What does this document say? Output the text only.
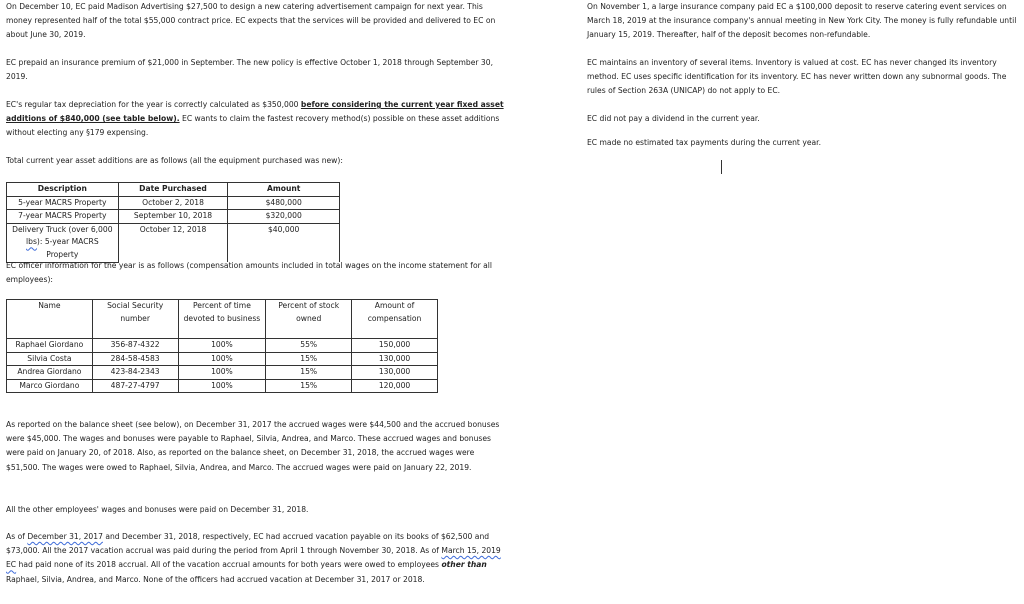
On December 10, EC paid Madison Advertising $27,500 to design a new catering advertisement campaign for next year. This money represented half of the total $55,000 contract price. EC expects that the services will be provided and delivered to EC on about June 30, 2019.

EC prepaid an insurance premium of $21,000 in September. The new policy is effective October 1, 2018 through September 30, 2019.

EC's regular tax depreciation for the year is correctly calculated as $350,000 before considering the current year fixed asset additions of $840,000 (see table below). EC wants to claim the fastest recovery method(s) possible on these asset additions without electing any §179 expensing.

Total current year asset additions are as follows (all the equipment purchased was new):

Description	Date Purchased	Amount
5-year MACRS Property	October 2, 2018	$480,000
7-year MACRS Property	September 10, 2018	$320,000
Delivery Truck (over 6,000 lbs): 5-year MACRS Property	October 12, 2018	$40,000

EC officer information for the year is as follows (compensation amounts included in total wages on the income statement for all employees):

Name	Social Security number	Percent of time devoted to business	Percent of stock owned	Amount of compensation
Raphael Giordano	356-87-4322	100%	55%	150,000
Silvia Costa	284-58-4583	100%	15%	130,000
Andrea Giordano	423-84-2343	100%	15%	130,000
Marco Giordano	487-27-4797	100%	15%	120,000

As reported on the balance sheet (see below), on December 31, 2017 the accrued wages were $44,500 and the accrued bonuses were $45,000. The wages and bonuses were payable to Raphael, Silvia, Andrea, and Marco. These accrued wages and bonuses were paid on January 20, of 2018. Also, as reported on the balance sheet, on December 31, 2018, the accrued wages were $51,500. The wages were owed to Raphael, Silvia, Andrea, and Marco. The accrued wages were paid on January 22, 2019.

All the other employees' wages and bonuses were paid on December 31, 2018.

As of December 31, 2017 and December 31, 2018, respectively, EC had accrued vacation payable on its books of $62,500 and $73,000. All the 2017 vacation accrual was paid during the period from April 1 through November 30, 2018. As of March 15, 2019 EC had paid none of its 2018 accrual. All of the vacation accrual amounts for both years were owed to employees other than Raphael, Silvia, Andrea, and Marco. None of the officers had accrued vacation at December 31, 2017 or 2018.

On November 1, a large insurance company paid EC a $100,000 deposit to reserve catering event services on March 18, 2019 at the insurance company's annual meeting in New York City. The money is fully refundable until January 15, 2019. Thereafter, half of the deposit becomes non-refundable.

EC maintains an inventory of several items. Inventory is valued at cost. EC has never changed its inventory method. EC uses specific identification for its inventory. EC has never written down any subnormal goods. The rules of Section 263A (UNICAP) do not apply to EC.

EC did not pay a dividend in the current year.

EC made no estimated tax payments during the current year.
